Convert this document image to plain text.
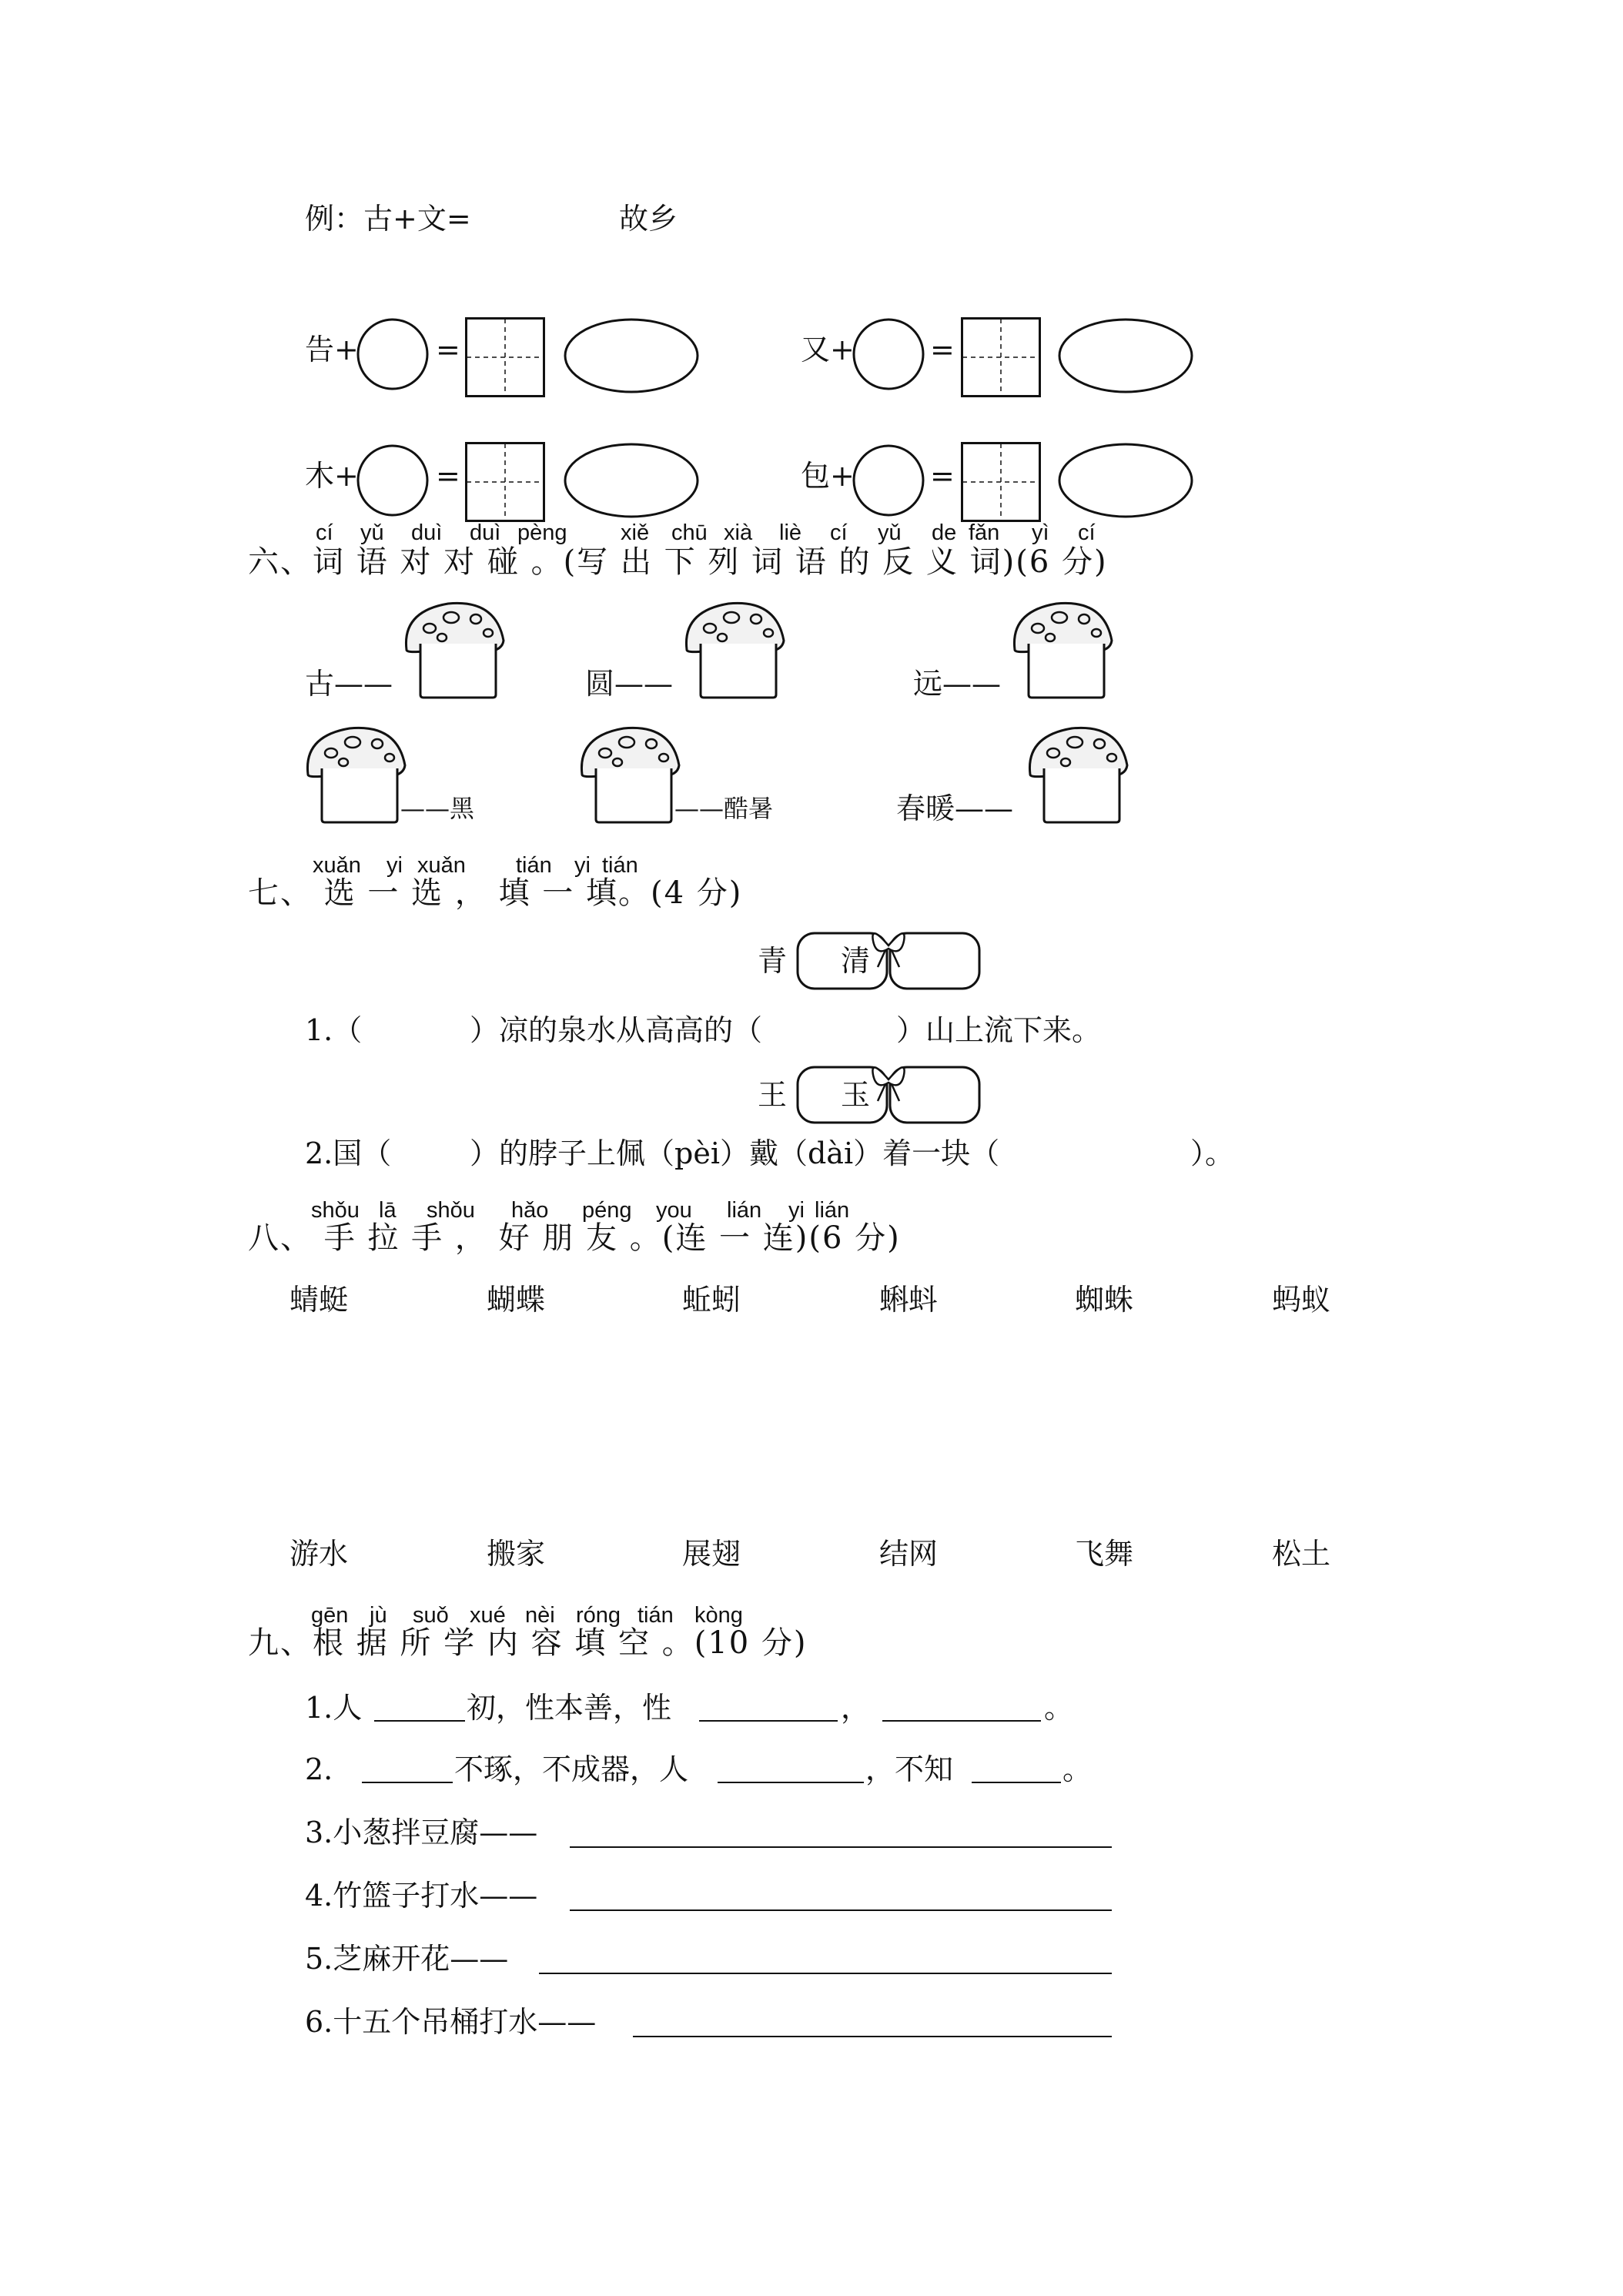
例：古+文=	故乡
告+	=	又+	=
木+	=	包+	=
cí yǔ duì duì pèng xiě chū xià liè cí yǔ de fǎn yì cí
六、词 语 对 对 碰 。(写 出 下 列 词 语 的 反 义 词)(6 分)
古——	圆——	远——
——黑	——酷暑	春暖——
xuǎn yi xuǎn tián yi tián
七、 选 一 选 ， 填 一 填。(4 分)
青 清
1.（	）凉的泉水从高高的（	）山上流下来。
王 玉
2.国（	）的脖子上佩（pèi）戴（dài）着一块（	）。
shǒu lā shǒu hǎo péng you lián yi lián
八、 手 拉 手 ， 好 朋 友 。(连 一 连)(6 分)
蜻蜓	蝴蝶	蚯蚓	蝌蚪	蜘蛛	蚂蚁
游水	搬家	展翅	结网	飞舞	松土
gēn jù suǒ xué nèi róng tián kòng
九、根 据 所 学 内 容 填 空 。(10 分)
1.人	初，性本善，性	，	。
2.	不琢，不成器，人	，不知	。
3.小葱拌豆腐——
4.竹篮子打水——
5.芝麻开花——
6.十五个吊桶打水——
